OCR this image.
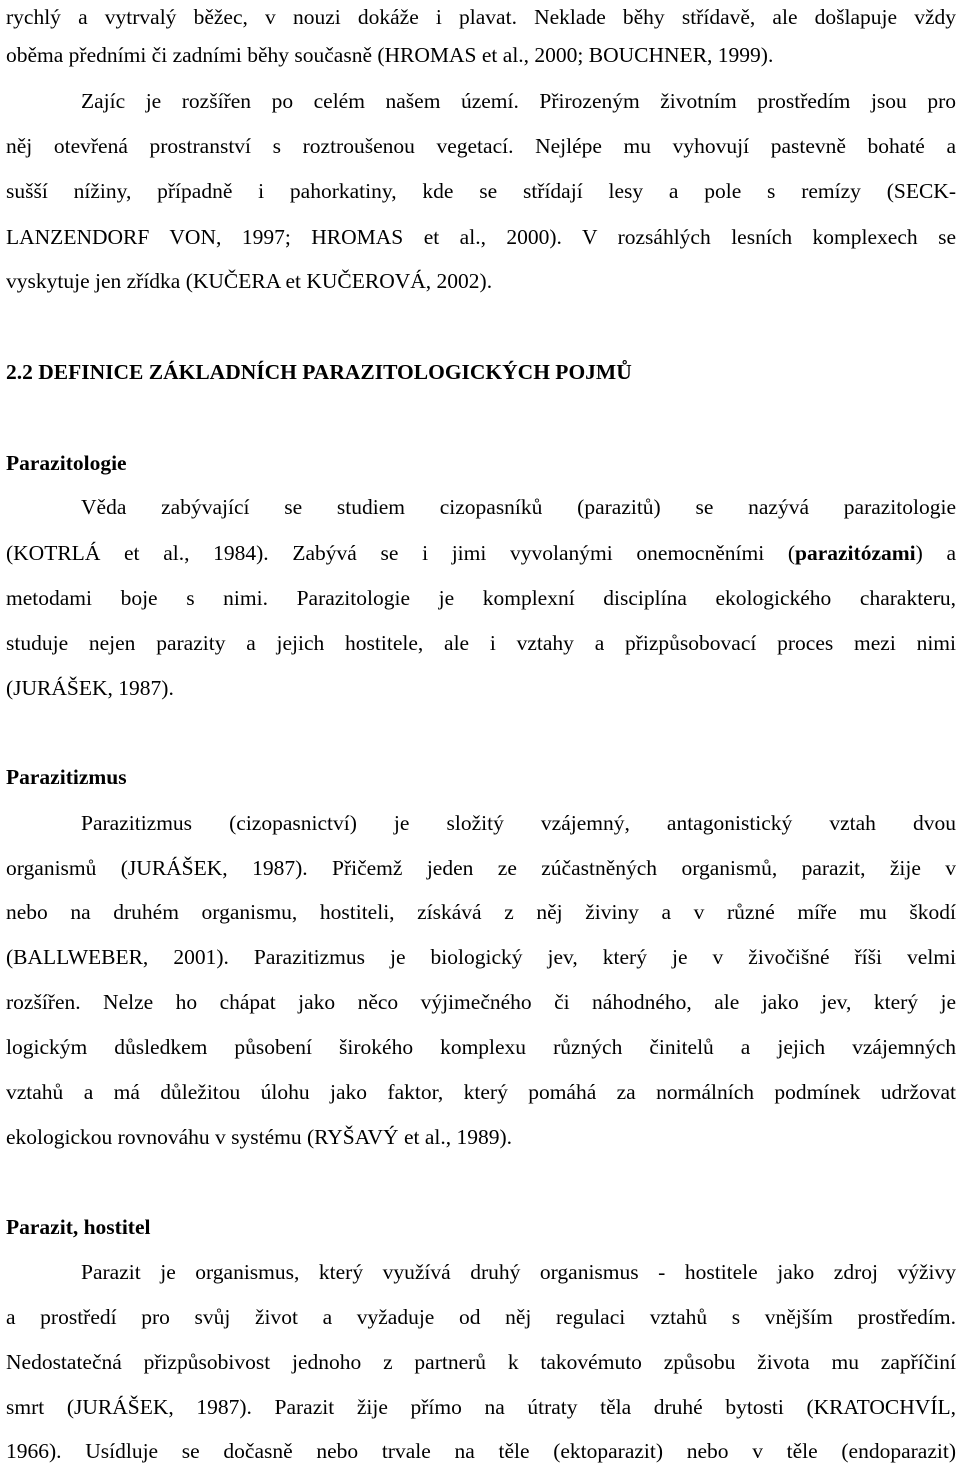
rychlý a vytrvalý běžec, v nouzi dokáže i plavat. Neklade běhy střídavě, ale došlapuje vždy
oběma předními či zadními běhy současně (HROMAS et al., 2000; BOUCHNER, 1999).
Zajíc je rozšířen po celém našem území. Přirozeným životním prostředím jsou pro
něj otevřená prostranství s roztroušenou vegetací. Nejlépe mu vyhovují pastevně bohaté a
sušší nížiny, případně i pahorkatiny, kde se střídají lesy a pole s remízy (SECK-
LANZENDORF VON, 1997; HROMAS et al., 2000). V rozsáhlých lesních komplexech se
vyskytuje jen zřídka (KUČERA et KUČEROVÁ, 2002).
2.2 DEFINICE ZÁKLADNÍCH PARAZITOLOGICKÝCH POJMŮ
Parazitologie
Věda zabývající se studiem cizopasníků (parazitů) se nazývá parazitologie
(KOTRLÁ et al., 1984). Zabývá se i jimi vyvolanými onemocněními (parazitózami) a
metodami boje s nimi. Parazitologie je komplexní disciplína ekologického charakteru,
studuje nejen parazity a jejich hostitele, ale i vztahy a přizpůsobovací proces mezi nimi
(JURÁŠEK, 1987).
Parazitizmus
Parazitizmus (cizopasnictví) je složitý vzájemný, antagonistický vztah dvou
organismů (JURÁŠEK, 1987). Přičemž jeden ze zúčastněných organismů, parazit, žije v
nebo na druhém organismu, hostiteli, získává z něj živiny a v různé míře mu škodí
(BALLWEBER, 2001). Parazitizmus je biologický jev, který je v živočišné říši velmi
rozšířen. Nelze ho chápat jako něco výjimečného či náhodného, ale jako jev, který je
logickým důsledkem působení širokého komplexu různých činitelů a jejich vzájemných
vztahů a má důležitou úlohu jako faktor, který pomáhá za normálních podmínek udržovat
ekologickou rovnováhu v systému (RYŠAVÝ et al., 1989).
Parazit, hostitel
Parazit je organismus, který využívá druhý organismus - hostitele jako zdroj výživy
a prostředí pro svůj život a vyžaduje od něj regulaci vztahů s vnějším prostředím.
Nedostatečná přizpůsobivost jednoho z partnerů k takovémuto způsobu života mu zapříčiní
smrt (JURÁŠEK, 1987). Parazit žije přímo na útraty těla druhé bytosti (KRATOCHVÍL,
1966). Usídluje se dočasně nebo trvale na těle (ektoparazit) nebo v těle (endoparazit)
